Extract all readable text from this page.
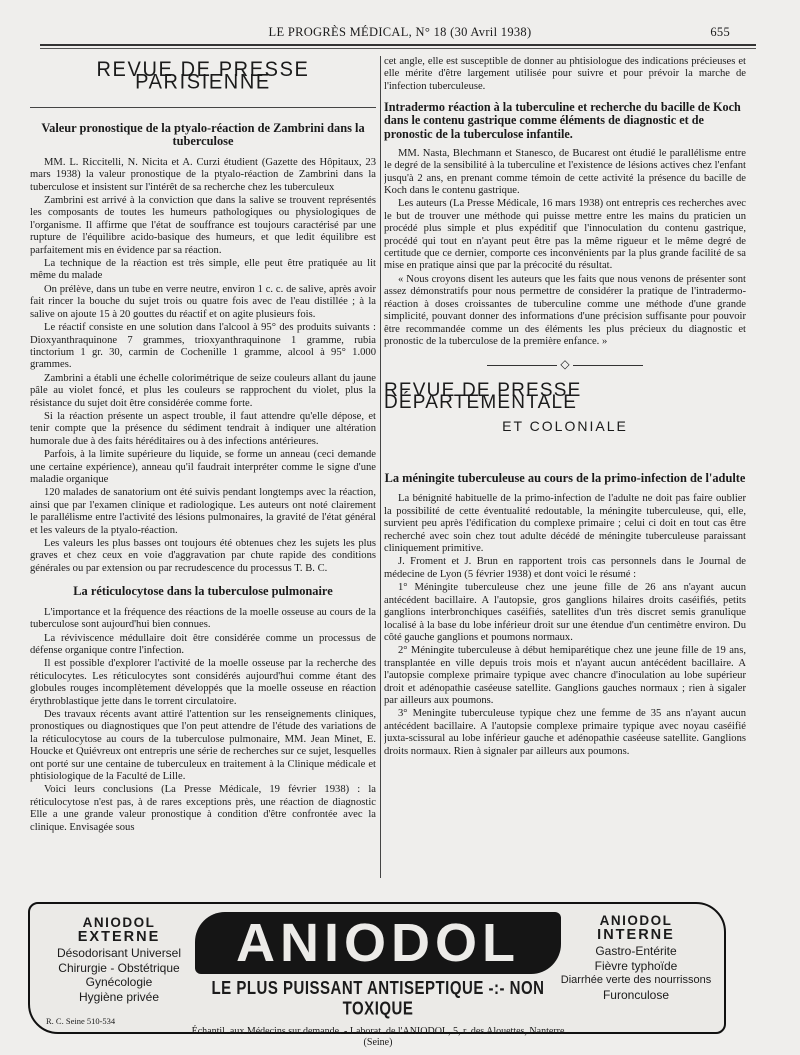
LE PROGRÈS MÉDICAL, N° 18 (30 Avril 1938)	655
REVUE DE PRESSE PARISIENNE
Valeur pronostique de la ptyalo-réaction de Zambrini dans la tuberculose

MM. L. Riccitelli, N. Nicita et A. Curzi étudient (Gazette des Hôpitaux, 23 mars 1938) la valeur pronostique de la ptyalo-réaction de Zambrini dans la tuberculose et insistent sur l'intérêt de sa recherche chez les tuberculeux

Zambrini est arrivé à la conviction que dans la salive se trouvent représentés les composants de toutes les humeurs pathologiques ou physiologiques de l'organisme. Il affirme que l'état de souffrance est toujours caractérisé par une rupture de l'équilibre acido-basique des humeurs, et que ledit équilibre est parfaitement mis en évidence par sa réaction.

La technique de la réaction est très simple, elle peut être pratiquée au lit même du malade

On prélève, dans un tube en verre neutre, environ 1 c. c. de salive, après avoir fait rincer la bouche du sujet trois ou quatre fois avec de l'eau distillée ; à la salive on ajoute 15 à 20 gouttes du réactif et on agite plusieurs fois.

Le réactif consiste en une solution dans l'alcool à 95° des produits suivants : Dioxyanthraquinone 7 grammes, trioxyanthraquinone 1 gramme, rubia tinctorium 1 gr. 30, carmin de Cochenille 1 gramme, alcool à 95° 1.000 grammes.

Zambrini a établi une échelle colorimétrique de seize couleurs allant du jaune pâle au violet foncé, et plus les couleurs se rapprochent du violet, plus la résistance du sujet doit être considérée comme forte.

Si la réaction présente un aspect trouble, il faut attendre qu'elle dépose, et tenir compte que la présence du sédiment tendrait à indiquer une altération humorale due à des faits héréditaires ou à des infections antérieures.

Parfois, à la limite supérieure du liquide, se forme un anneau (ceci demande une certaine expérience), anneau qu'il faudrait interpréter comme le signe d'une maladie organique

120 malades de sanatorium ont été suivis pendant longtemps avec la réaction, ainsi que par l'examen clinique et radiologique. Les auteurs ont noté clairement le parallélisme entre l'activité des lésions pulmonaires, la gravité de l'état général et les valeurs de la ptyalo-réaction.

Les valeurs les plus basses ont toujours été obtenues chez les sujets les plus graves et chez ceux en voie d'aggravation par chute rapide des conditions générales ou par extension ou par recrudescence du processus T. B. C.

La réticulocytose dans la tuberculose pulmonaire

L'importance et la fréquence des réactions de la moelle osseuse au cours de la tuberculose sont aujourd'hui bien connues.

La réviviscence médullaire doit être considérée comme un processus de défense organique contre l'infection.

Il est possible d'explorer l'activité de la moelle osseuse par la recherche des réticulocytes. Les réticulocytes sont considérés aujourd'hui comme étant des globules rouges incomplètement développés que la moelle osseuse en réaction érythroblastique jette dans le torrent circulatoire.

Des travaux récents avant attiré l'attention sur les renseignements cliniques, pronostiques ou diagnostiques que l'on peut attendre de l'étude des variations de la réticulocytose au cours de la tuberculose pulmonaire, MM. Jean Minet, E. Houcke et Quiévreux ont entrepris une série de recherches sur ce sujet, lesquelles ont porté sur une centaine de tuberculeux en traitement à la Clinique médicale et phtisiologique de la Faculté de Lille.

Voici leurs conclusions (La Presse Médicale, 19 février 1938) : la réticulocytose n'est pas, à de rares exceptions près, une réaction de diagnostic Elle a une grande valeur pronostique à condition d'être confrontée avec la clinique. Envisagée sous

cet angle, elle est susceptible de donner au phtisiologue des indications précieuses et elle mérite d'être largement utilisée pour suivre et pour prévoir la marche de l'infection tuberculeuse.

Intradermo réaction à la tuberculine et recherche du bacille de Koch dans le contenu gastrique comme éléments de diagnostic et de pronostic de la tuberculose infantile.

MM. Nasta, Blechmann et Stanesco, de Bucarest ont étudié le parallélisme entre le degré de la sensibilité à la tuberculine et l'existence de lésions actives chez l'enfant jusqu'à 2 ans, en prenant comme témoin de cette activité la présence du bacille de Koch dans le contenu gastrique.

Les auteurs (La Presse Médicale, 16 mars 1938) ont entrepris ces recherches avec le but de trouver une méthode qui puisse mettre entre les mains du praticien un procédé plus simple et plus expéditif que l'innoculation du contenu gastrique, procédé qui tout en n'ayant peut être pas la même rigueur et le même degré de certitude que ce dernier, comporte ces inconvénients par la plus grande facilité de sa mise en pratique ainsi que par la précocité du résultat.

« Nous croyons disent les auteurs que les faits que nous venons de présenter sont assez démonstratifs pour nous permettre de considérer la pratique de l'intradermo-réaction à doses croissantes de tuberculine comme une méthode d'une grande simplicité, pouvant donner des informations d'une précision suffisante pour pouvoir être recommandée comme un des éléments les plus précieux du diagnostic et pronostic de la tuberculose de la première enfance. »

◇
REVUE DE PRESSE DÉPARTEMENTALE
ET COLONIALE
La méningite tuberculeuse au cours de la primo-infection de l'adulte

La bénignité habituelle de la primo-infection de l'adulte ne doit pas faire oublier la possibilité de cette éventualité redoutable, la méningite tuberculeuse, qui, elle, survient peu après l'édification du complexe primaire ; celui ci doit en tout cas être recherché avec soin chez tout adulte décédé de méningite tuberculeuse paraissant cliniquement primitive.

J. Froment et J. Brun en rapportent trois cas personnels dans le Journal de médecine de Lyon (5 février 1938) et dont voici le résumé :

1° Méningite tuberculeuse chez une jeune fille de 26 ans n'ayant aucun antécédent bacillaire. A l'autopsie, gros ganglions hilaires droits caséifiés, petits ganglions interbronchiques caséifiés, satellites d'un très discret semis granulique localisé à la base du lobe inférieur droit sur une étendue d'un centimètre environ. Du côté gauche ganglions et poumons normaux.

2° Méningite tuberculeuse à début hemiparétique chez une jeune fille de 19 ans, transplantée en ville depuis trois mois et n'ayant aucun antécédent bacillaire. A l'autopsie complexe primaire typique avec chancre d'inoculation au lobe supérieur droit et adénopathie caséeuse satellite. Ganglions gauches normaux ; rien à sigaler par ailleurs aux poumons.

3° Meningite tuberculeuse typique chez une femme de 35 ans n'ayant aucun antécédent bacillaire. A l'autopsie complexe primaire typique avec noyau caséifié juxta-scissural au lobe inférieur gauche et adénopathie caséeuse satellite. Ganglions droits normaux. Rien à signaler par ailleurs aux poumons.

ANIODOL
EXTERNE
Désodorisant Universel
Chirurgie - Obstétrique
Gynécologie
Hygiène privée
ANIODOL
LE PLUS PUISSANT ANTISEPTIQUE -:- NON TOXIQUE
Échantil. aux Médecins sur demande. - Laborat. de l'ANIODOL, 5, r. des Alouettes, Nanterre (Seine)
ANIODOL
INTERNE
Gastro-Entérite
Fièvre typhoïde
Diarrhée verte des nourrissons
Furonculose
R. C. Seine 510-534
